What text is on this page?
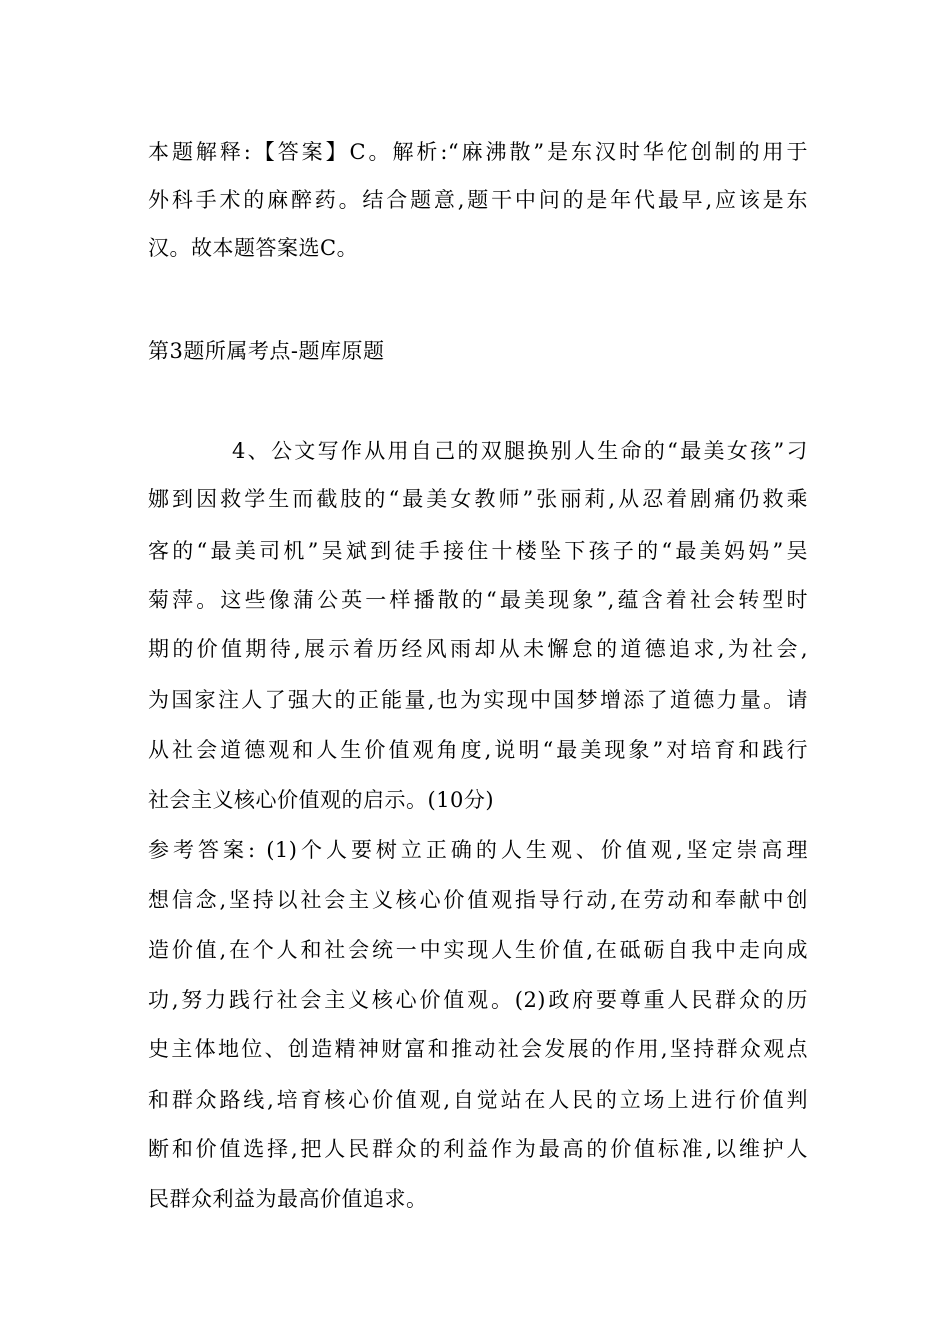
本题解释:【答案】C。解析:“麻沸散”是东汉时华佗创制的用于
外科手术的麻醉药。结合题意,题干中问的是年代最早,应该是东
汉。故本题答案选C。
第3题所属考点-题库原题
4、公文写作从用自己的双腿换别人生命的“最美女孩”刁
娜到因救学生而截肢的“最美女教师”张丽莉,从忍着剧痛仍救乘
客的“最美司机”吴斌到徒手接住十楼坠下孩子的“最美妈妈”吴
菊萍。这些像蒲公英一样播散的“最美现象”,蕴含着社会转型时
期的价值期待,展示着历经风雨却从未懈怠的道德追求,为社会,
为国家注人了强大的正能量,也为实现中国梦增添了道德力量。请
从社会道德观和人生价值观角度,说明“最美现象”对培育和践行
社会主义核心价值观的启示。(10分)
参考答案: (1)个人要树立正确的人生观、价值观,坚定崇高理
想信念,坚持以社会主义核心价值观指导行动,在劳动和奉献中创
造价值,在个人和社会统一中实现人生价值,在砥砺自我中走向成
功,努力践行社会主义核心价值观。(2)政府要尊重人民群众的历
史主体地位、创造精神财富和推动社会发展的作用,坚持群众观点
和群众路线,培育核心价值观,自觉站在人民的立场上进行价值判
断和价值选择,把人民群众的利益作为最高的价值标准,以维护人
民群众利益为最高价值追求。
